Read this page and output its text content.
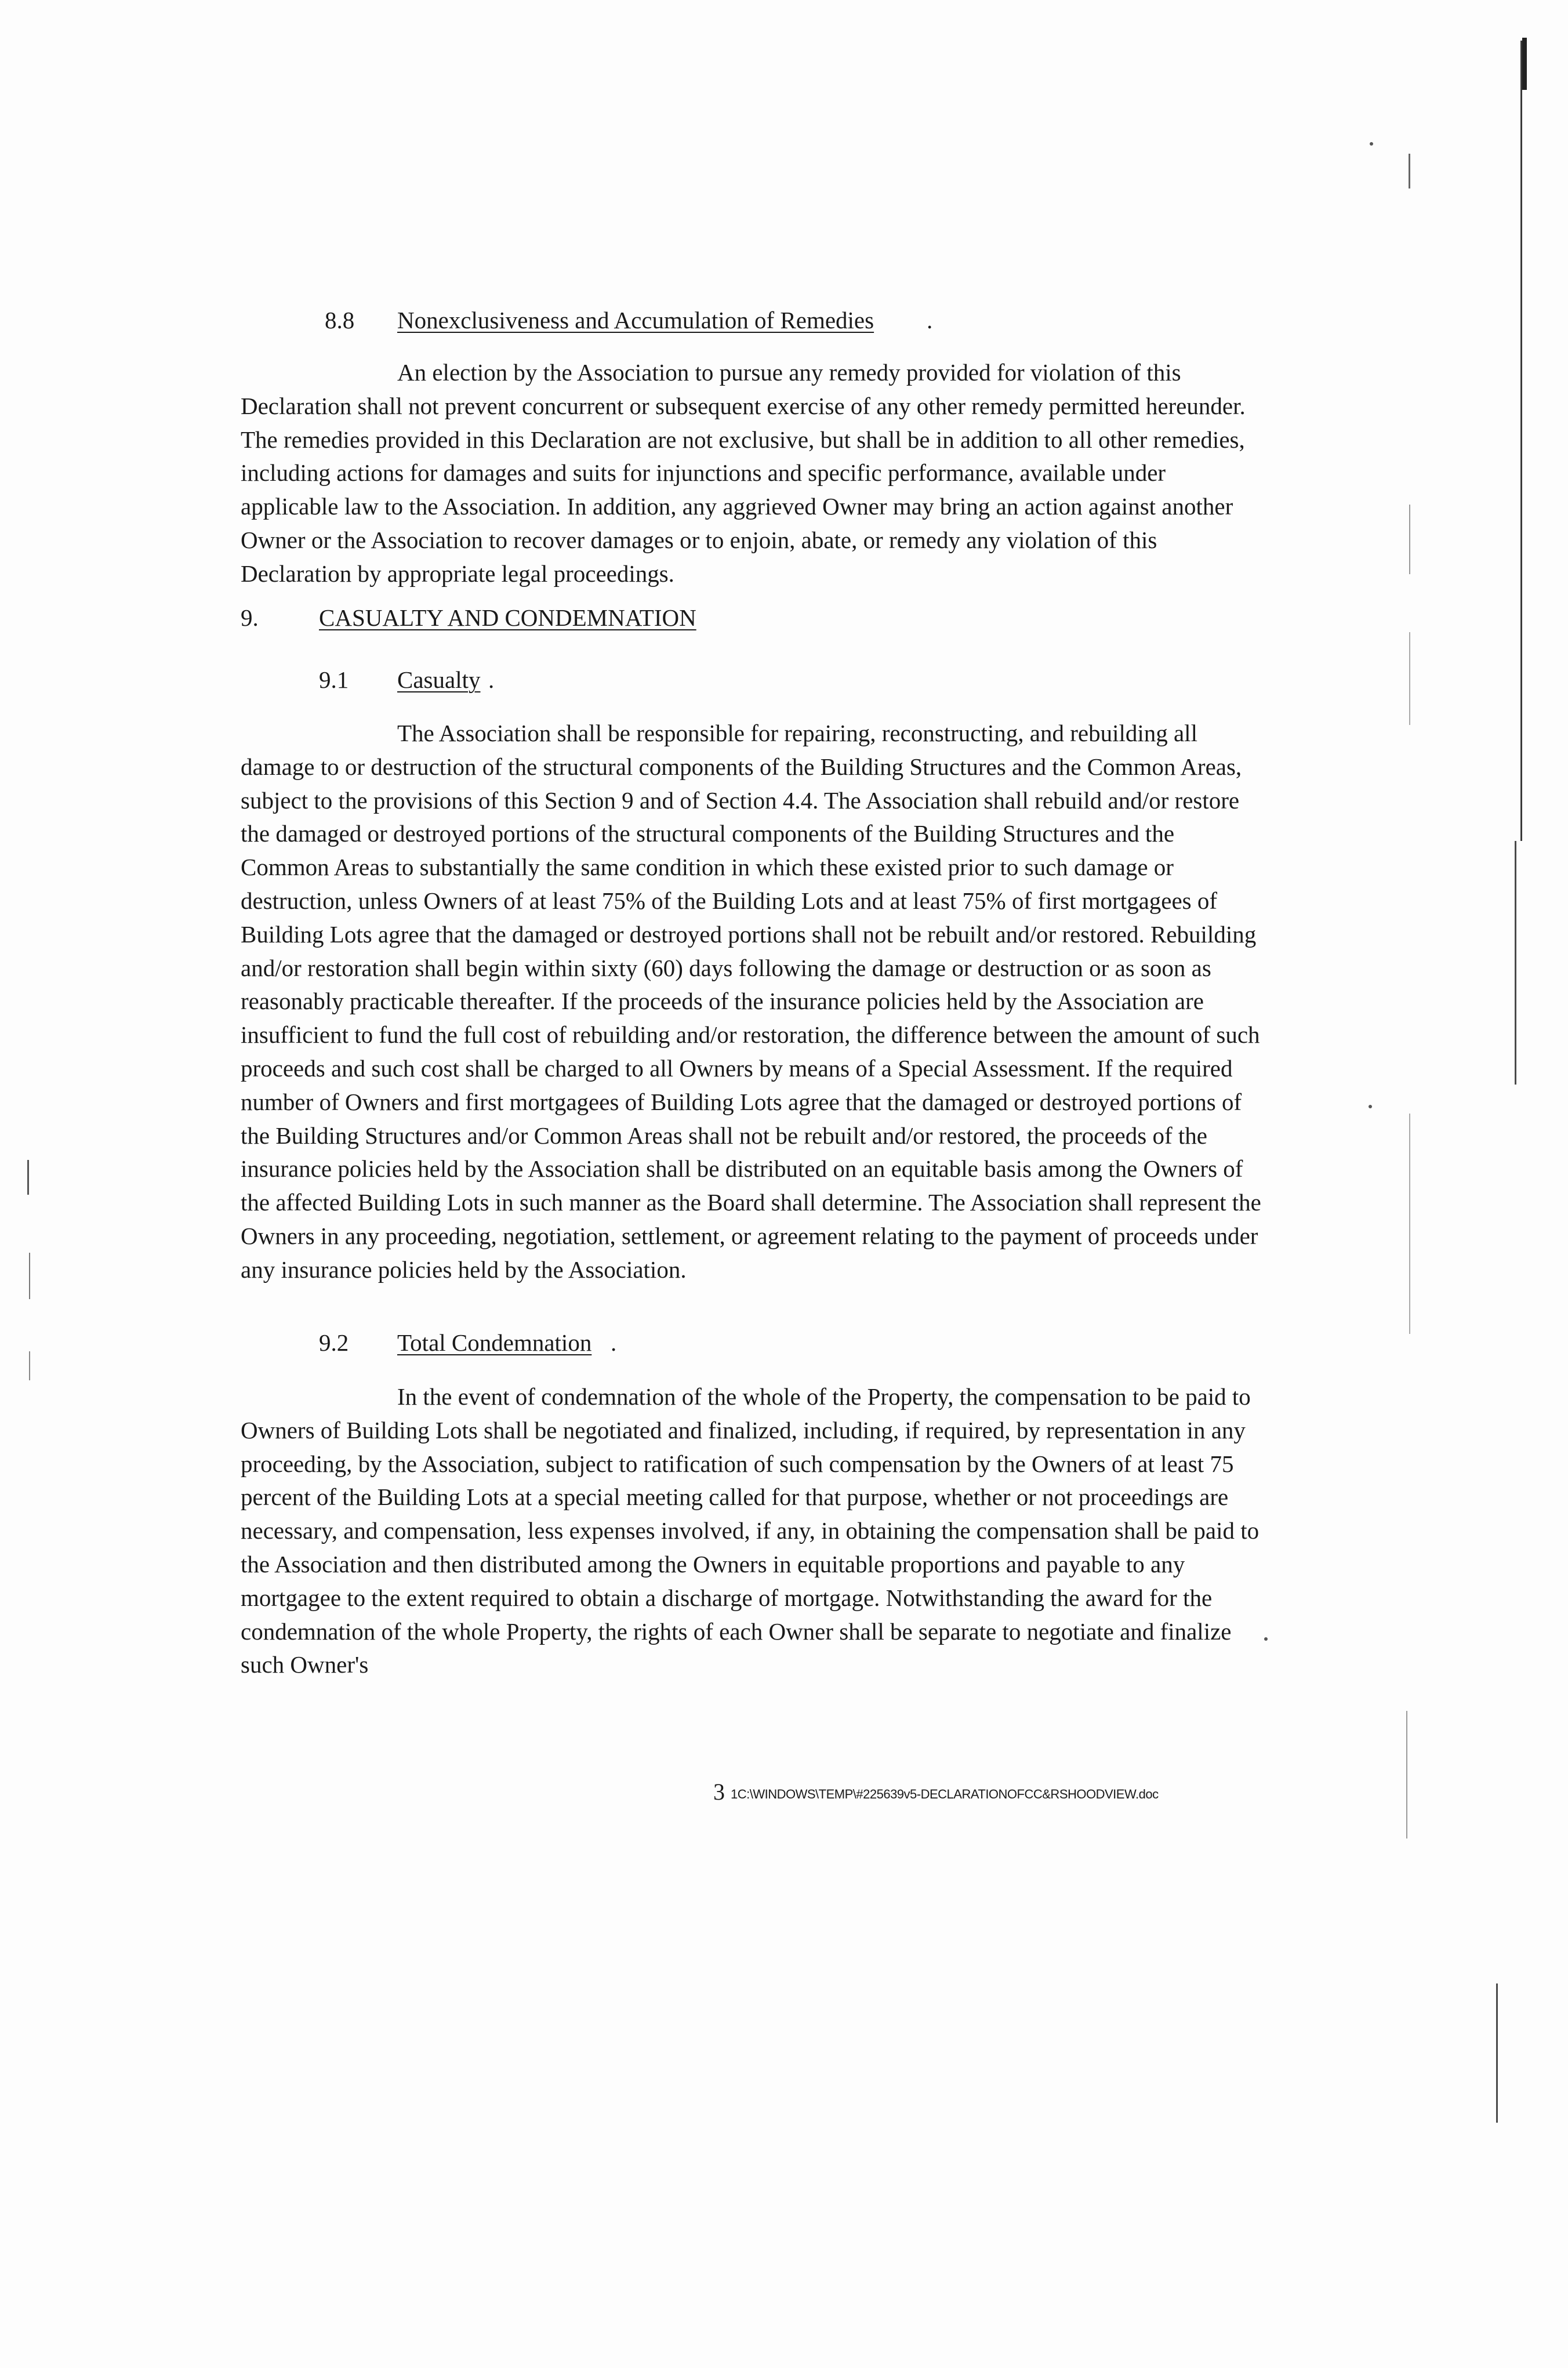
8.8 Nonexclusiveness and Accumulation of Remedies .

An election by the Association to pursue any remedy provided for violation of this Declaration shall not prevent concurrent or subsequent exercise of any other remedy permitted hereunder. The remedies provided in this Declaration are not exclusive, but shall be in addition to all other remedies, including actions for damages and suits for injunctions and specific performance, available under applicable law to the Association. In addition, any aggrieved Owner may bring an action against another Owner or the Association to recover damages or to enjoin, abate, or remedy any violation of this Declaration by appropriate legal proceedings.

9.	CASUALTY AND CONDEMNATION
9.1 Casualty .

The Association shall be responsible for repairing, reconstructing, and rebuilding all damage to or destruction of the structural components of the Building Structures and the Common Areas, subject to the provisions of this Section 9 and of Section 4.4. The Association shall rebuild and/or restore the damaged or destroyed portions of the structural components of the Building Structures and the Common Areas to substantially the same condition in which these existed prior to such damage or destruction, unless Owners of at least 75% of the Building Lots and at least 75% of first mortgagees of Building Lots agree that the damaged or destroyed portions shall not be rebuilt and/or restored. Rebuilding and/or restoration shall begin within sixty (60) days following the damage or destruction or as soon as reasonably practicable thereafter. If the proceeds of the insurance policies held by the Association are insufficient to fund the full cost of rebuilding and/or restoration, the difference between the amount of such proceeds and such cost shall be charged to all Owners by means of a Special Assessment. If the required number of Owners and first mortgagees of Building Lots agree that the damaged or destroyed portions of the Building Structures and/or Common Areas shall not be rebuilt and/or restored, the proceeds of the insurance policies held by the Association shall be distributed on an equitable basis among the Owners of the affected Building Lots in such manner as the Board shall determine. The Association shall represent the Owners in any proceeding, negotiation, settlement, or agreement relating to the payment of proceeds under any insurance policies held by the Association.

9.2 Total Condemnation .

In the event of condemnation of the whole of the Property, the compensation to be paid to Owners of Building Lots shall be negotiated and finalized, including, if required, by representation in any proceeding, by the Association, subject to ratification of such compensation by the Owners of at least 75 percent of the Building Lots at a special meeting called for that purpose, whether or not proceedings are necessary, and compensation, less expenses involved, if any, in obtaining the compensation shall be paid to the Association and then distributed among the Owners in equitable proportions and payable to any mortgagee to the extent required to obtain a discharge of mortgage. Notwithstanding the award for the condemnation of the whole Property, the rights of each Owner shall be separate to negotiate and finalize such Owner's

3 1C:\WINDOWS\TEMP\#225639v5-DECLARATIONOFCC&RSHOODVIEW.doc
